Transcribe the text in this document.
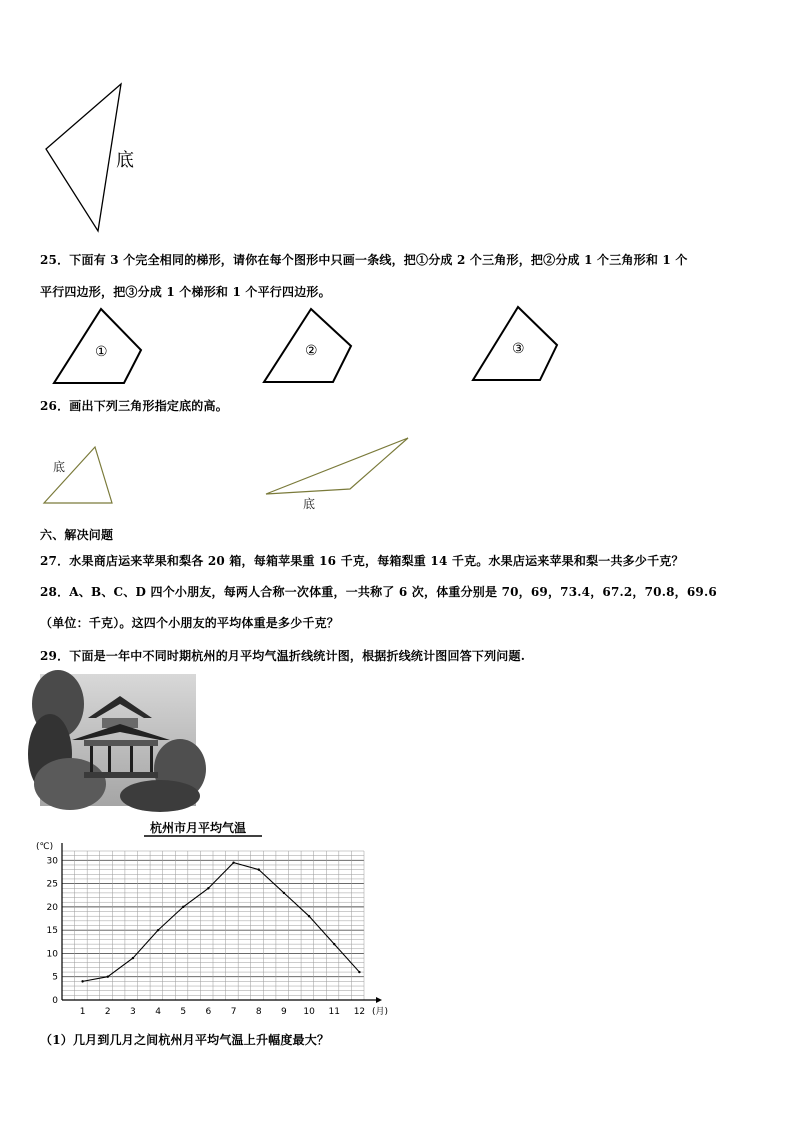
底
25．下面有 3 个完全相同的梯形，请你在每个图形中只画一条线，把①分成 2 个三角形，把②分成 1 个三角形和 1 个
平行四边形，把③分成 1 个梯形和 1 个平行四边形。
①	②	③
26．画出下列三角形指定底的高。
底
底
六、解决问题
27．水果商店运来苹果和梨各 20 箱，每箱苹果重 16 千克，每箱梨重 14 千克。水果店运来苹果和梨一共多少千克？
28．A、B、C、D 四个小朋友，每两人合称一次体重，一共称了 6 次，体重分别是 70，69，73.4，67.2，70.8，69.6
（单位：千克）。这四个小朋友的平均体重是多少千克？
29．下面是一年中不同时期杭州的月平均气温折线统计图，根据折线统计图回答下列问题.
杭州市月平均气温
0
5
10
15
20
25
30
(℃)
1 2 3 4 5 6 7 8 9 10 11 12 (月)
（1）几月到几月之间杭州月平均气温上升幅度最大？
